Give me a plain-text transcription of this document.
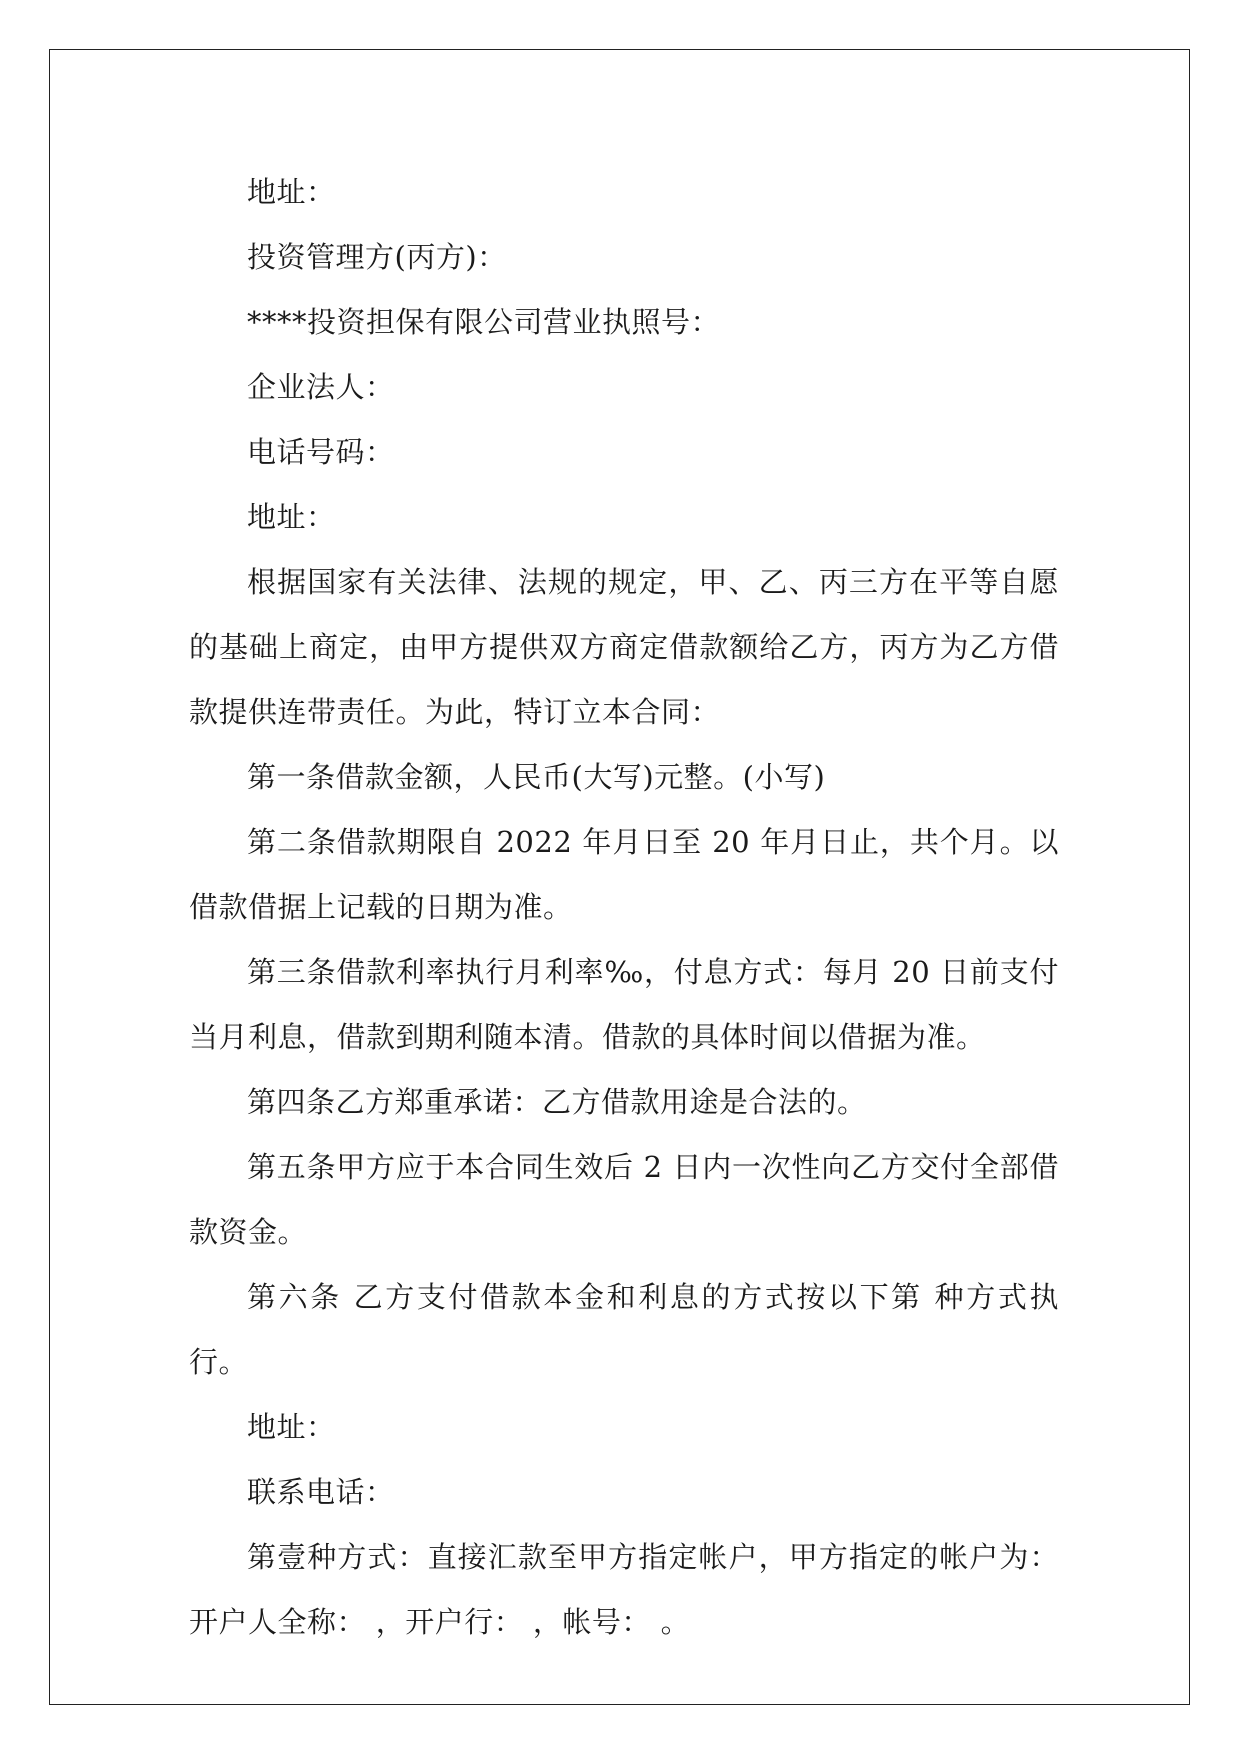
地址：

投资管理方(丙方)：

****投资担保有限公司营业执照号：

企业法人：

电话号码：

地址：

根据国家有关法律、法规的规定，甲、乙、丙三方在平等自愿的基础上商定，由甲方提供双方商定借款额给乙方，丙方为乙方借款提供连带责任。为此，特订立本合同：

第一条借款金额，人民币(大写)元整。(小写)

第二条借款期限自 2022 年月日至 20 年月日止，共个月。以借款借据上记载的日期为准。

第三条借款利率执行月利率‰，付息方式：每月 20 日前支付当月利息，借款到期利随本清。借款的具体时间以借据为准。

第四条乙方郑重承诺：乙方借款用途是合法的。

第五条甲方应于本合同生效后 2 日内一次性向乙方交付全部借款资金。

第六条 乙方支付借款本金和利息的方式按以下第 种方式执行。

地址：

联系电话：

第壹种方式：直接汇款至甲方指定帐户，甲方指定的帐户为：开户人全称： ，开户行： ，帐号： 。
